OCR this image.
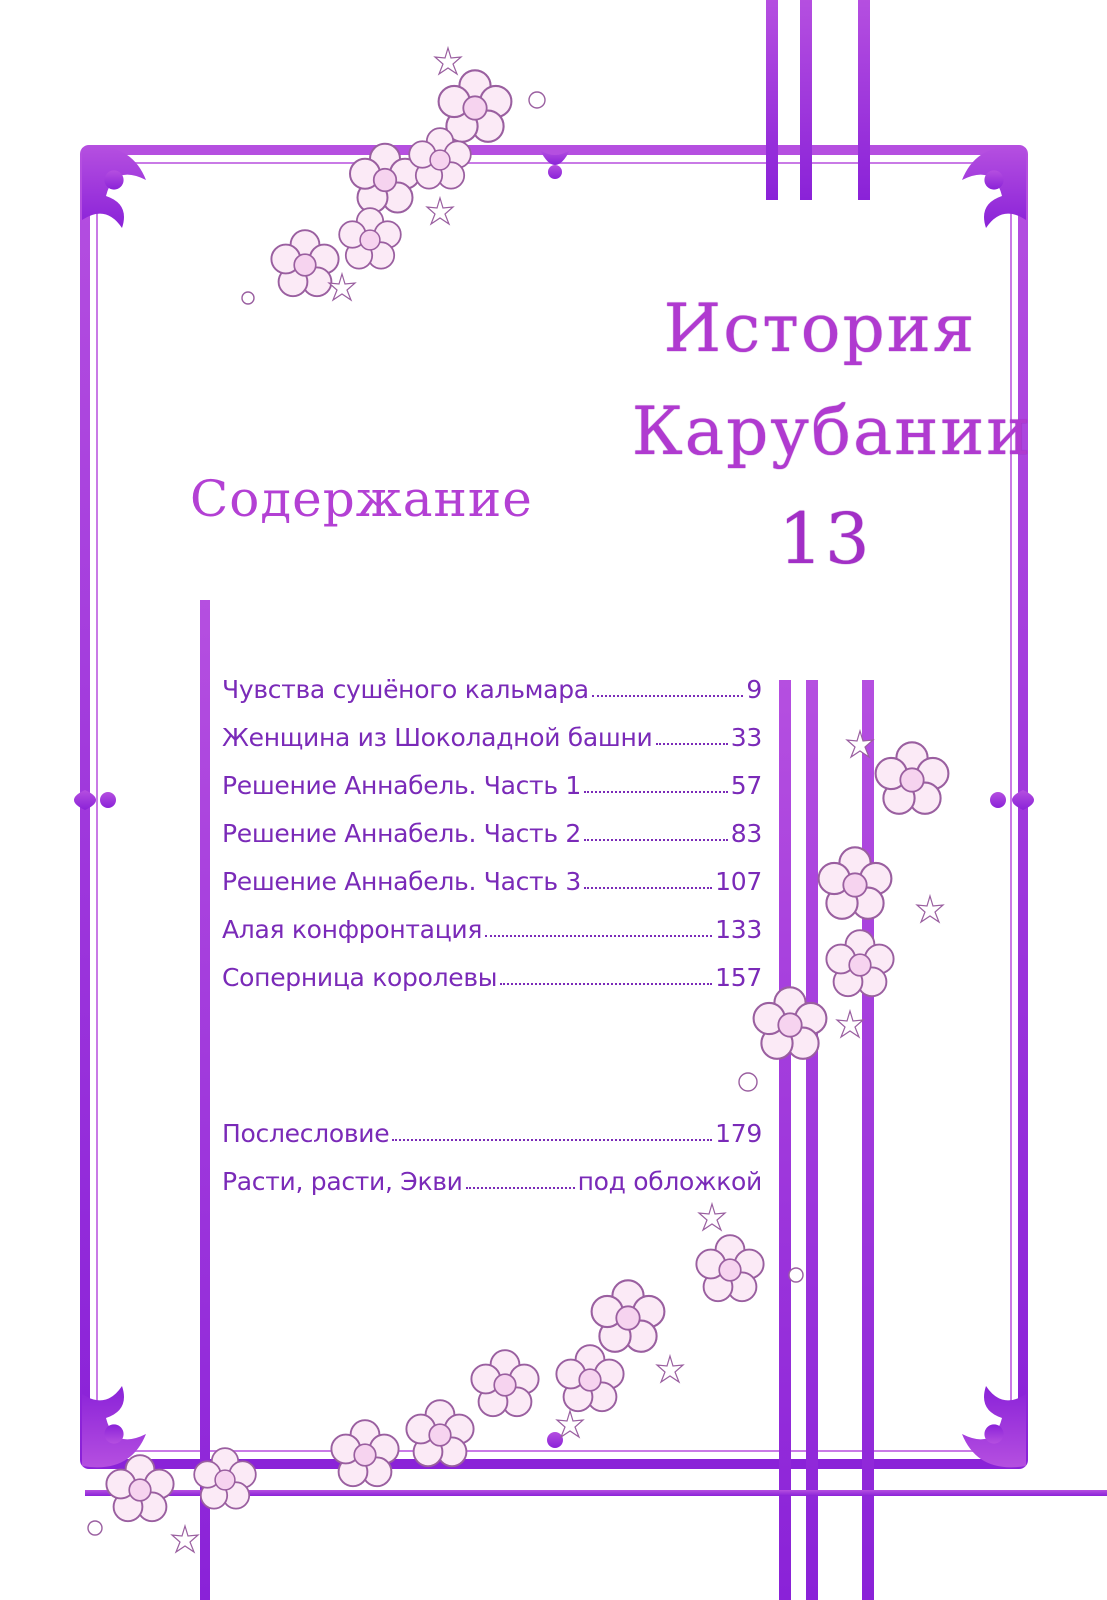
История
Карубании
13
Содержание
Чувства сушёного кальмара	9
Женщина из Шоколадной башни	33
Решение Аннабель. Часть 1	57
Решение Аннабель. Часть 2	83
Решение Аннабель. Часть 3	107
Алая конфронтация	133
Соперница королевы	157
Послесловие	179
Расти, расти, Экви	под обложкой
